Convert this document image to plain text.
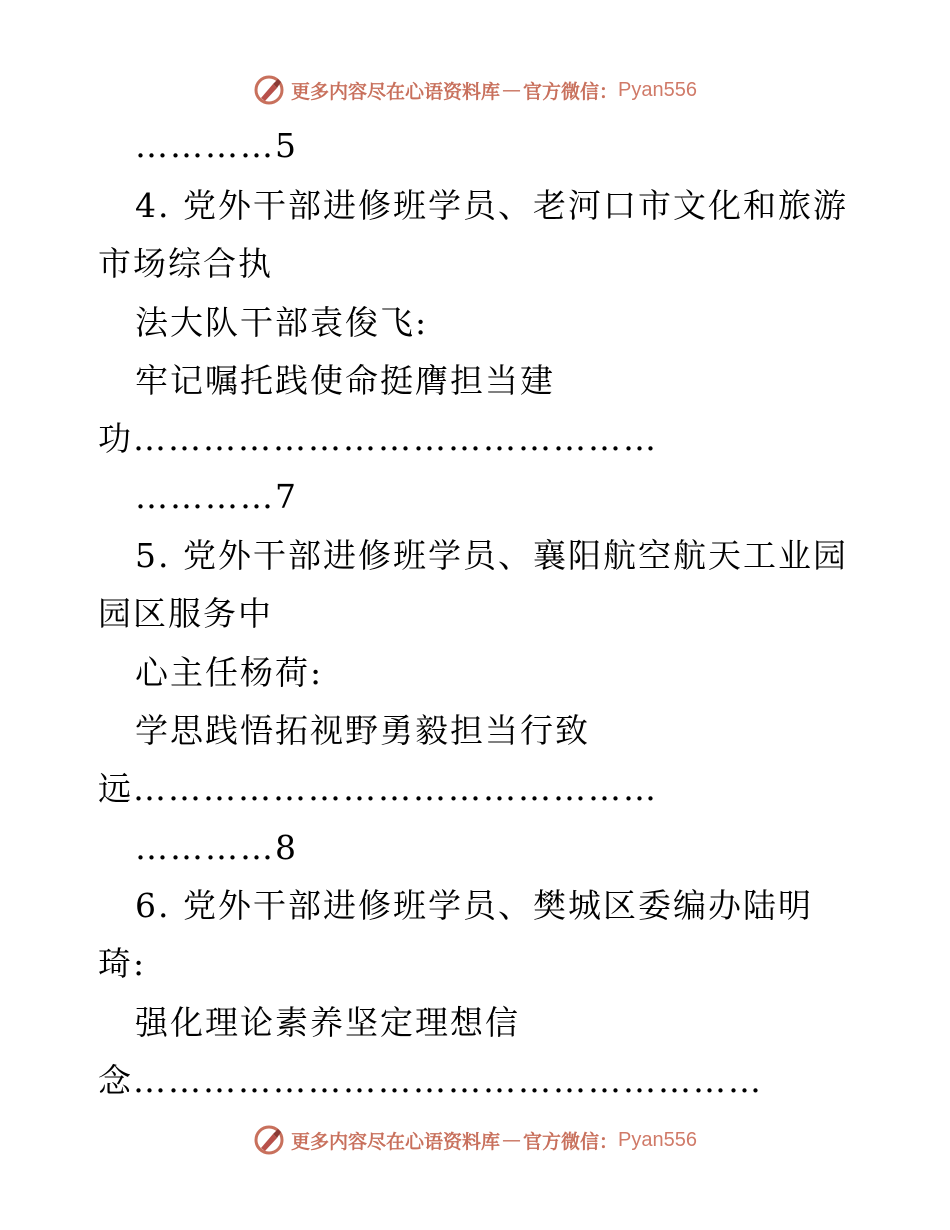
更多内容尽在心语资料库 — 官方微信： Pyan556
…………5
4. 党外干部进修班学员、老河口市文化和旅游
市场综合执
法大队干部袁俊飞:
牢记嘱托践使命挺膺担当建
功………………………………………
…………7
5. 党外干部进修班学员、襄阳航空航天工业园
园区服务中
心主任杨荷:
学思践悟拓视野勇毅担当行致
远………………………………………
…………8
6. 党外干部进修班学员、樊城区委编办陆明
琦:
强化理论素养坚定理想信
念………………………………………………
更多内容尽在心语资料库 — 官方微信： Pyan556
